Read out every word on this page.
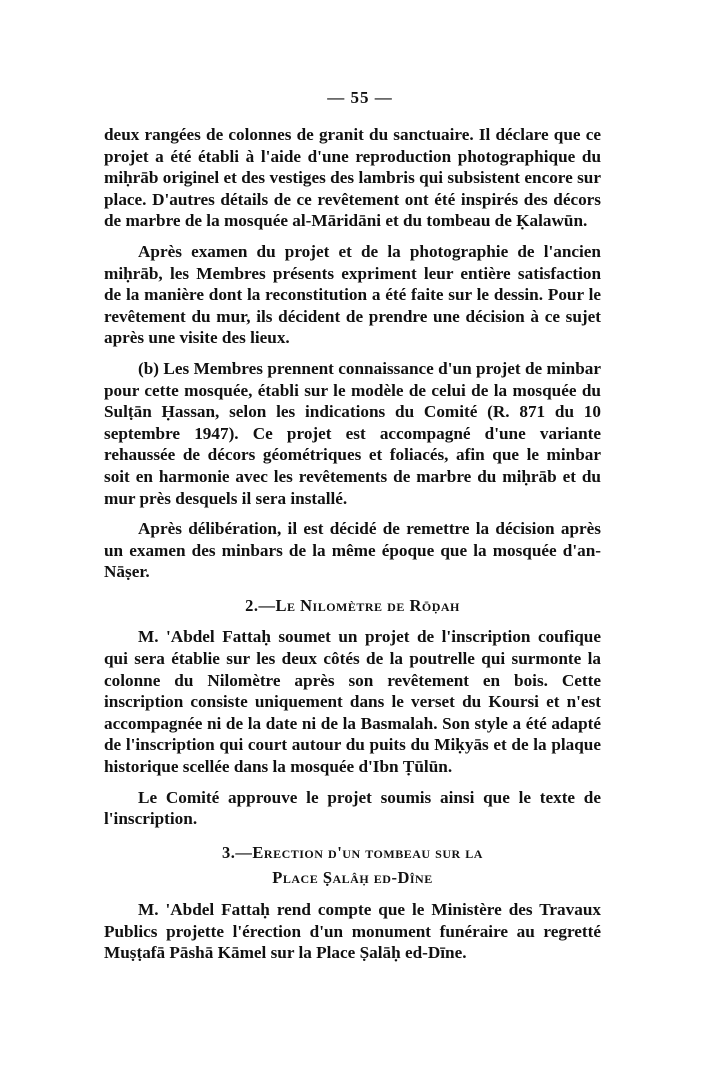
— 55 —

deux rangées de colonnes de granit du sanctuaire. Il déclare que ce projet a été établi à l'aide d'une reproduction photographique du miḥrāb originel et des vestiges des lambris qui subsistent encore sur place. D'autres détails de ce revêtement ont été inspirés des décors de marbre de la mosquée al-Māridāni et du tombeau de Ḳalawūn.

Après examen du projet et de la photographie de l'ancien miḥrāb, les Membres présents expriment leur entière satisfaction de la manière dont la reconstitution a été faite sur le dessin. Pour le revêtement du mur, ils décident de prendre une décision à ce sujet après une visite des lieux.

(b) Les Membres prennent connaissance d'un projet de minbar pour cette mosquée, établi sur le modèle de celui de la mosquée du Sulṭān Ḥassan, selon les indications du Comité (R. 871 du 10 septembre 1947). Ce projet est accompagné d'une variante rehaussée de décors géométriques et foliacés, afin que le minbar soit en harmonie avec les revêtements de marbre du miḥrāb et du mur près desquels il sera installé.

Après délibération, il est décidé de remettre la décision après un examen des minbars de la même époque que la mosquée d'an-Nāṣer.

2.—Le Nilomètre de Rōḍah

M. 'Abdel Fattaḥ soumet un projet de l'inscription coufique qui sera établie sur les deux côtés de la poutrelle qui surmonte la colonne du Nilomètre après son revêtement en bois. Cette inscription consiste uniquement dans le verset du Koursi et n'est accompagnée ni de la date ni de la Basmalah. Son style a été adapté de l'inscription qui court autour du puits du Miḳyās et de la plaque historique scellée dans la mosquée d'Ibn Ṭūlūn.

Le Comité approuve le projet soumis ainsi que le texte de l'inscription.

3.—Erection d'un tombeau sur la
Place Ṣalâḥ ed-Dîne

M. 'Abdel Fattaḥ rend compte que le Ministère des Travaux Publics projette l'érection d'un monument funéraire au regretté Muṣṭafā Pāshā Kāmel sur la Place Ṣalāḥ ed-Dīne.
